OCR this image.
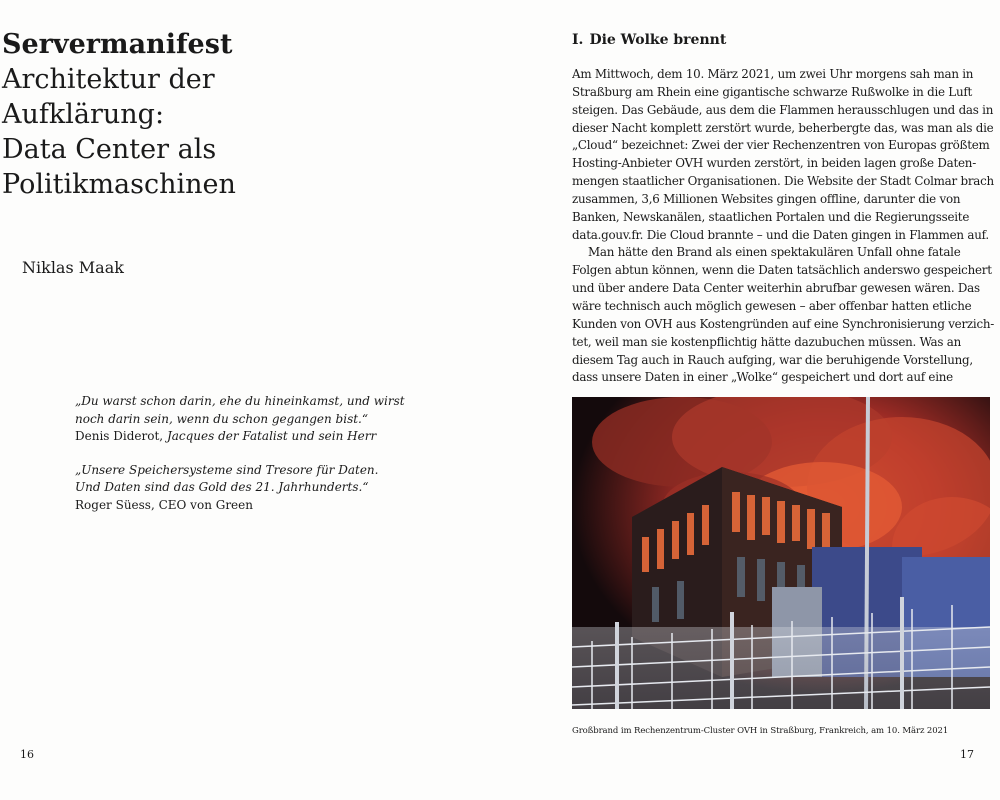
Servermanifest
Architektur der
Aufklärung:
Data Center als
Politikmaschinen

Niklas Maak

„Du warst schon darin, ehe du hineinkamst, und wirst
noch darin sein, wenn du schon gegangen bist.“
Denis Diderot, Jacques der Fatalist und sein Herr
„Unsere Speichersysteme sind Tresore für Daten.
Und Daten sind das Gold des 21. Jahrhunderts.“
Roger Süess, CEO von Green

16

I. Die Wolke brennt
Am Mittwoch, dem 10. März 2021, um zwei Uhr morgens sah man in
Straßburg am Rhein eine gigantische schwarze Rußwolke in die Luft
steigen. Das Gebäude, aus dem die Flammen herausschlugen und das in
dieser Nacht komplett zerstört wurde, beherbergte das, was man als die
„Cloud“ bezeichnet: Zwei der vier Rechenzentren von Europas größtem
Hosting-Anbieter OVH wurden zerstört, in beiden lagen große Daten-
mengen staatlicher Organisationen. Die Website der Stadt Colmar brach
zusammen, 3,6 Millionen Websites gingen offline, darunter die von
Banken, Newskanälen, staatlichen Portalen und die Regierungsseite
data.gouv.fr. Die Cloud brannte – und die Daten gingen in Flammen auf.
Man hätte den Brand als einen spektakulären Unfall ohne fatale
Folgen abtun können, wenn die Daten tatsächlich anderswo gespeichert
und über andere Data Center weiterhin abrufbar gewesen wären. Das
wäre technisch auch möglich gewesen – aber offenbar hatten etliche
Kunden von OVH aus Kostengründen auf eine Synchronisierung verzich-
tet, weil man sie kostenpflichtig hätte dazubuchen müssen. Was an
diesem Tag auch in Rauch aufging, war die beruhigende Vorstellung,
dass unsere Daten in einer „Wolke“ gespeichert und dort auf eine

Großbrand im Rechenzentrum-Cluster OVH in Straßburg, Frankreich, am 10. März 2021

17
